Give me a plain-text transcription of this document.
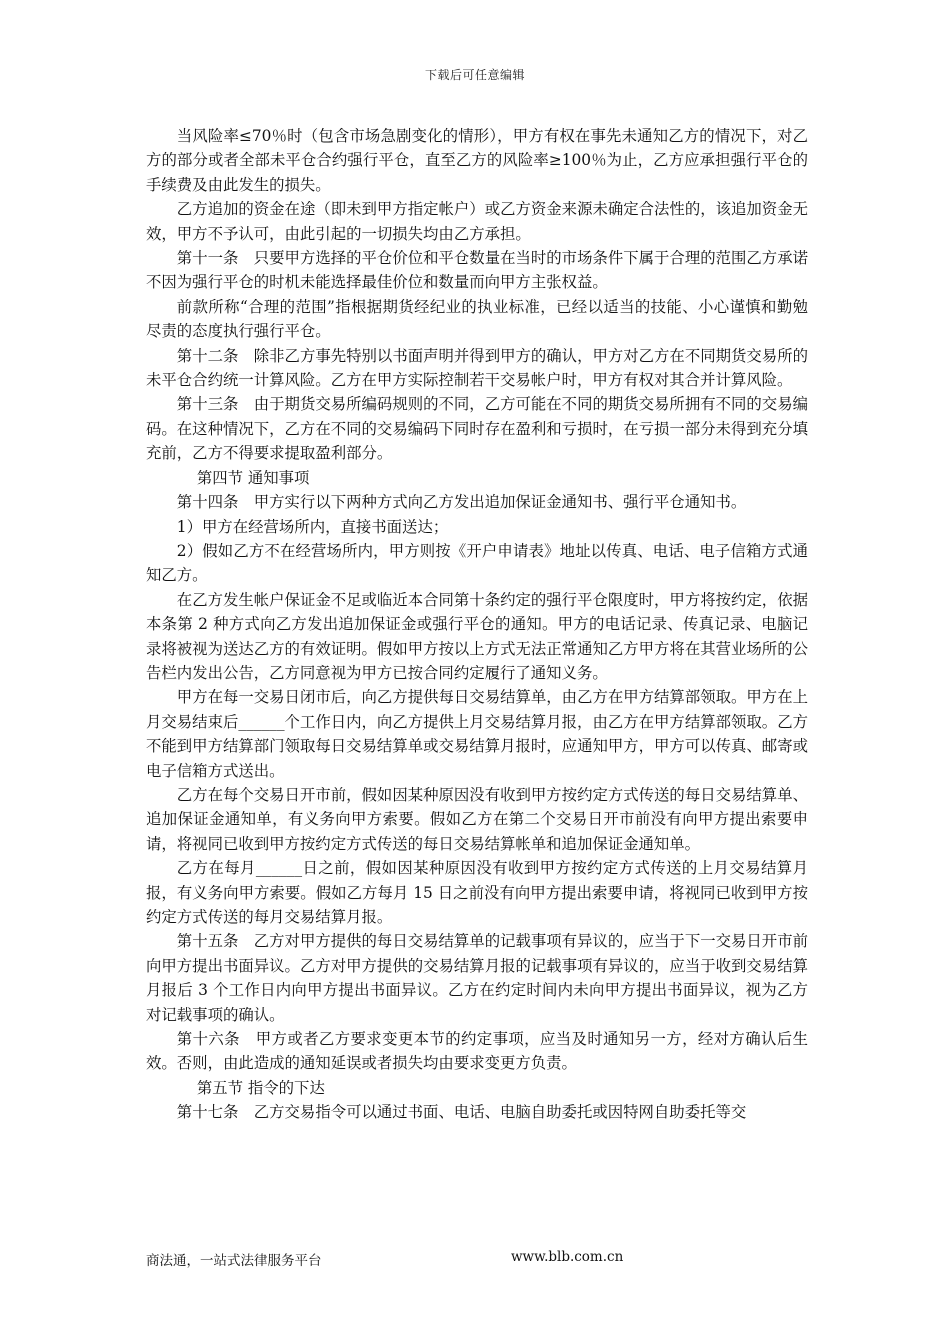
下载后可任意编辑

当风险率≤70％时（包含市场急剧变化的情形），甲方有权在事先未通知乙方的情况下，对乙方的部分或者全部未平仓合约强行平仓，直至乙方的风险率≥100％为止，乙方应承担强行平仓的手续费及由此发生的损失。

乙方追加的资金在途（即未到甲方指定帐户）或乙方资金来源未确定合法性的，该追加资金无效，甲方不予认可，由此引起的一切损失均由乙方承担。

第十一条　只要甲方选择的平仓价位和平仓数量在当时的市场条件下属于合理的范围乙方承诺不因为强行平仓的时机未能选择最佳价位和数量而向甲方主张权益。

前款所称“合理的范围”指根据期货经纪业的执业标准，已经以适当的技能、小心谨慎和勤勉尽责的态度执行强行平仓。

第十二条　除非乙方事先特别以书面声明并得到甲方的确认，甲方对乙方在不同期货交易所的未平仓合约统一计算风险。乙方在甲方实际控制若干交易帐户时，甲方有权对其合并计算风险。

第十三条　由于期货交易所编码规则的不同，乙方可能在不同的期货交易所拥有不同的交易编码。在这种情况下，乙方在不同的交易编码下同时存在盈利和亏损时，在亏损一部分未得到充分填充前，乙方不得要求提取盈利部分。

第四节 通知事项

第十四条　甲方实行以下两种方式向乙方发出追加保证金通知书、强行平仓通知书。

1）甲方在经营场所内，直接书面送达；

2）假如乙方不在经营场所内，甲方则按《开户申请表》地址以传真、电话、电子信箱方式通知乙方。

在乙方发生帐户保证金不足或临近本合同第十条约定的强行平仓限度时，甲方将按约定，依据本条第 2 种方式向乙方发出追加保证金或强行平仓的通知。甲方的电话记录、传真记录、电脑记录将被视为送达乙方的有效证明。假如甲方按以上方式无法正常通知乙方甲方将在其营业场所的公告栏内发出公告，乙方同意视为甲方已按合同约定履行了通知义务。

甲方在每一交易日闭市后，向乙方提供每日交易结算单，由乙方在甲方结算部领取。甲方在上月交易结束后______个工作日内，向乙方提供上月交易结算月报，由乙方在甲方结算部领取。乙方不能到甲方结算部门领取每日交易结算单或交易结算月报时，应通知甲方，甲方可以传真、邮寄或电子信箱方式送出。

乙方在每个交易日开市前，假如因某种原因没有收到甲方按约定方式传送的每日交易结算单、追加保证金通知单，有义务向甲方索要。假如乙方在第二个交易日开市前没有向甲方提出索要申请，将视同已收到甲方按约定方式传送的每日交易结算帐单和追加保证金通知单。

乙方在每月______日之前，假如因某种原因没有收到甲方按约定方式传送的上月交易结算月报，有义务向甲方索要。假如乙方每月 15 日之前没有向甲方提出索要申请，将视同已收到甲方按约定方式传送的每月交易结算月报。

第十五条　乙方对甲方提供的每日交易结算单的记载事项有异议的，应当于下一交易日开市前向甲方提出书面异议。乙方对甲方提供的交易结算月报的记载事项有异议的，应当于收到交易结算月报后 3 个工作日内向甲方提出书面异议。乙方在约定时间内未向甲方提出书面异议，视为乙方对记载事项的确认。

第十六条　甲方或者乙方要求变更本节的约定事项，应当及时通知另一方，经对方确认后生效。否则，由此造成的通知延误或者损失均由要求变更方负责。

第五节 指令的下达

第十七条　乙方交易指令可以通过书面、电话、电脑自助委托或因特网自助委托等交

商法通，一站式法律服务平台	www.blb.com.cn
